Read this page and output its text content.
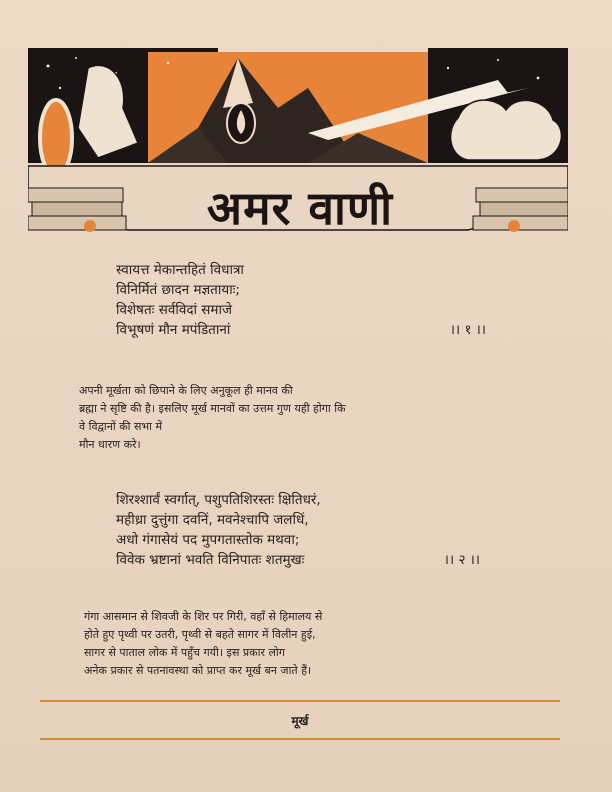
अमर वाणी
स्वायत्त मेकान्तहितं विधात्रा
विनिर्मितं छादन मज्ञतायाः;
विशेषतः सर्वविदां समाजे
विभूषणं मौन मपंडितानां	।। १ ।।
अपनी मूर्खता को छिपाने के लिए अनुकूल ही मानव की
ब्रह्मा ने सृष्टि की है। इसलिए मूर्ख मानवों का उत्तम गुण यही होगा कि
वे विद्वानों की सभा में
मौन धारण करे।
शिरश्शार्वं स्वर्गात्, पशुपतिशिरस्तः क्षितिधरं,
महीध्रा दुत्तुंगा दवनिं, मवनेश्चापि जलधिं,
अधो गंगासेयं पद मुपगतास्तोक मथवा;
विवेक भ्रष्टानां भवति विनिपातः शतमुखः	।। २ ।।
गंगा आसमान से शिवजी के शिर पर गिरी, वहाँ से हिमालय से
होते हुए पृथ्वी पर उतरी, पृथ्वी से बहते सागर में विलीन हुई,
सागर से पाताल लोक में पहुँच गयी। इस प्रकार लोग
अनेक प्रकार से पतनावस्था को प्राप्त कर मूर्ख बन जाते हैं।
मूर्ख
